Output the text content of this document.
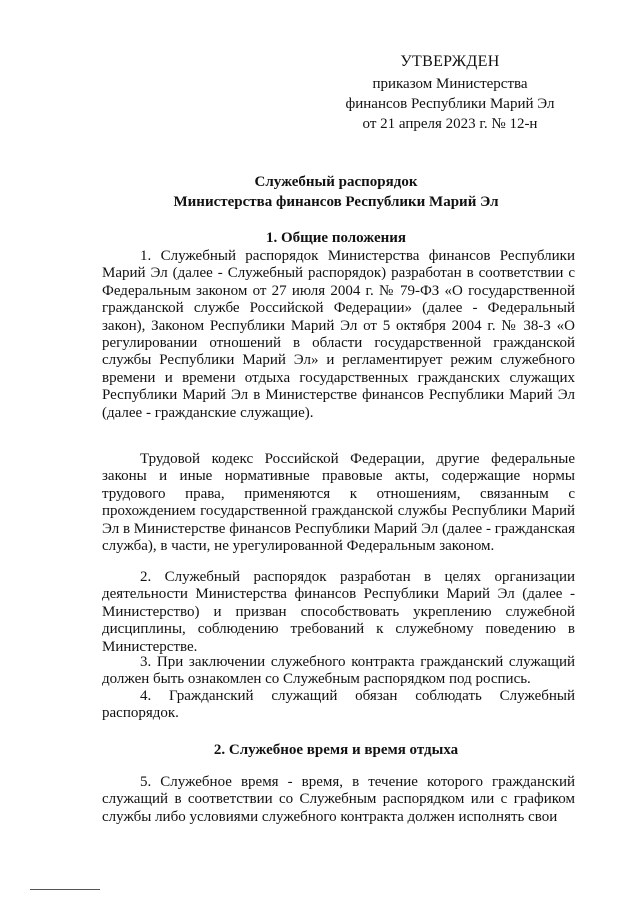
УТВЕРЖДЕН
приказом Министерства
финансов Республики Марий Эл
от 21 апреля 2023 г. № 12-н
Служебный распорядок
Министерства финансов Республики Марий Эл
1. Общие положения

1. Служебный распорядок Министерства финансов Республики Марий Эл (далее - Служебный распорядок) разработан в соответствии с Федеральным законом от 27 июля 2004 г. № 79-ФЗ «О государственной гражданской службе Российской Федерации» (далее - Федеральный закон), Законом Республики Марий Эл от 5 октября 2004 г. № 38-З «О регулировании отношений в области государственной гражданской службы Республики Марий Эл» и регламентирует режим служебного времени и времени отдыха государственных гражданских служащих Республики Марий Эл в Министерстве финансов Республики Марий Эл (далее - гражданские служащие).

Трудовой кодекс Российской Федерации, другие федеральные законы и иные нормативные правовые акты, содержащие нормы трудового права, применяются к отношениям, связанным с прохождением государственной гражданской службы Республики Марий Эл в Министерстве финансов Республики Марий Эл (далее - гражданская служба), в части, не урегулированной Федеральным законом.

2. Служебный распорядок разработан в целях организации деятельности Министерства финансов Республики Марий Эл (далее - Министерство) и призван способствовать укреплению служебной дисциплины, соблюдению требований к служебному поведению в Министерстве.

3. При заключении служебного контракта гражданский служащий должен быть ознакомлен со Служебным распорядком под роспись.

4. Гражданский служащий обязан соблюдать Служебный распорядок.

2. Служебное время и время отдыха

5. Служебное время - время, в течение которого гражданский служащий в соответствии со Служебным распорядком или с графиком службы либо условиями служебного контракта должен исполнять свои
